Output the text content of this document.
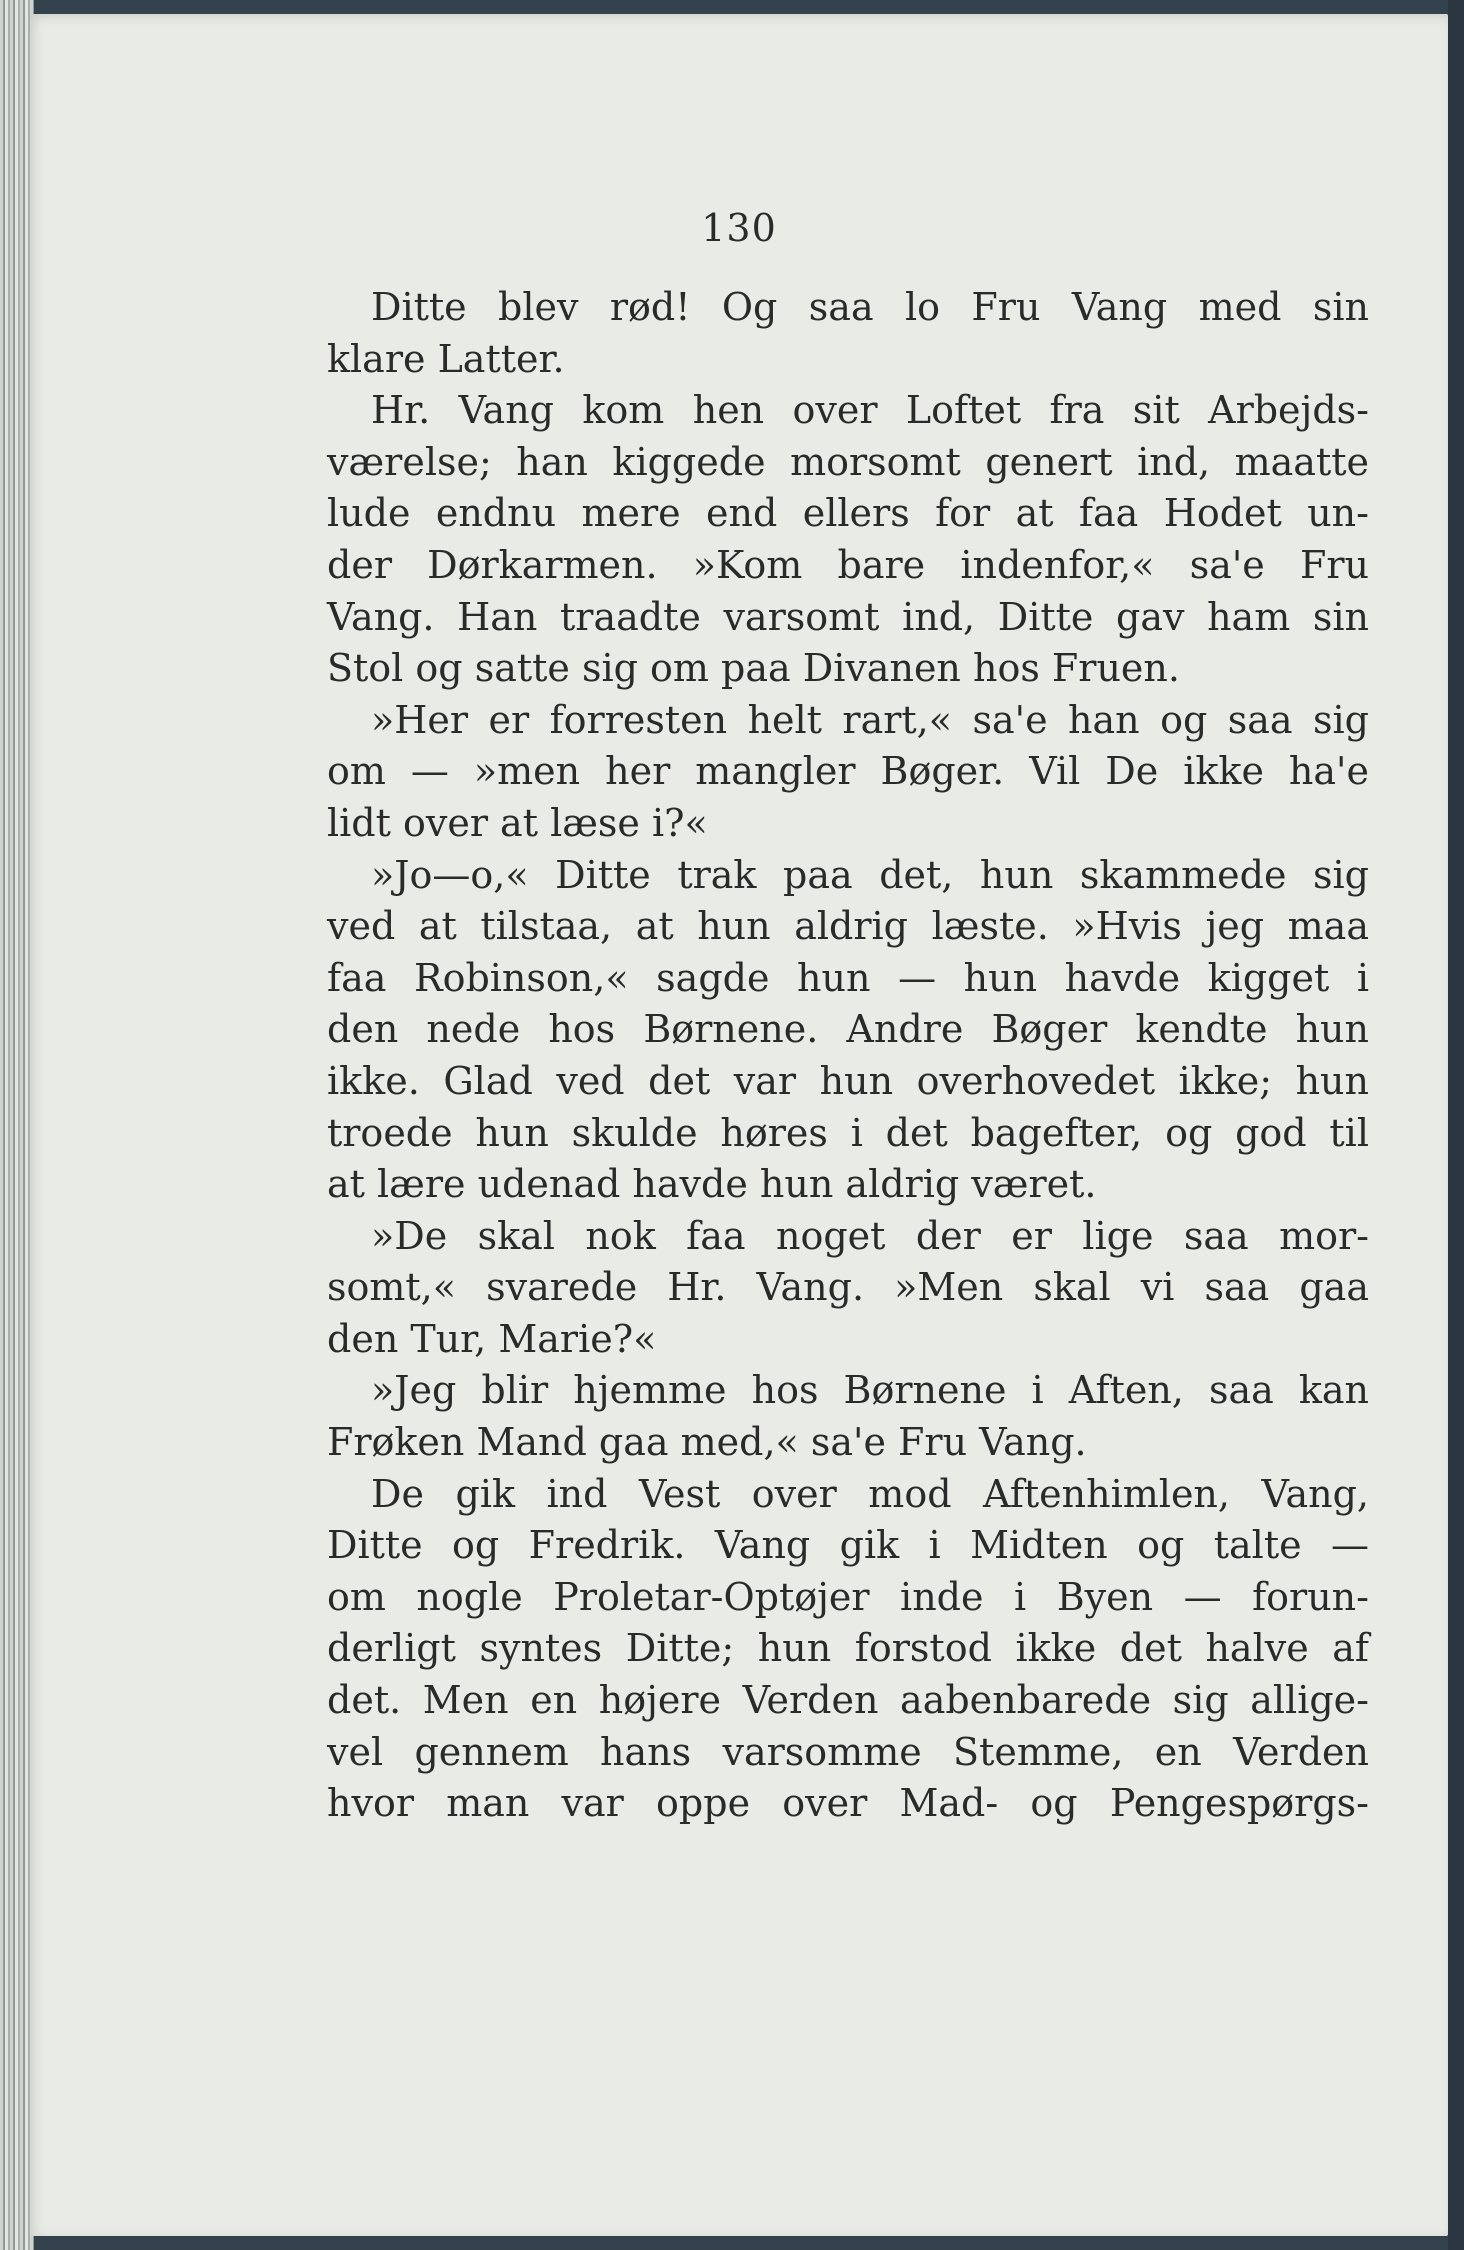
130
Ditte blev rød! Og saa lo Fru Vang med sin
klare Latter.
Hr. Vang kom hen over Loftet fra sit Arbejds-
værelse; han kiggede morsomt genert ind, maatte
lude endnu mere end ellers for at faa Hodet un-
der Dørkarmen. »Kom bare indenfor,« sa'e Fru
Vang. Han traadte varsomt ind, Ditte gav ham sin
Stol og satte sig om paa Divanen hos Fruen.
»Her er forresten helt rart,« sa'e han og saa sig
om — »men her mangler Bøger. Vil De ikke ha'e
lidt over at læse i?«
»Jo—o,« Ditte trak paa det, hun skammede sig
ved at tilstaa, at hun aldrig læste. »Hvis jeg maa
faa Robinson,« sagde hun — hun havde kigget i
den nede hos Børnene. Andre Bøger kendte hun
ikke. Glad ved det var hun overhovedet ikke; hun
troede hun skulde høres i det bagefter, og god til
at lære udenad havde hun aldrig været.
»De skal nok faa noget der er lige saa mor-
somt,« svarede Hr. Vang. »Men skal vi saa gaa
den Tur, Marie?«
»Jeg blir hjemme hos Børnene i Aften, saa kan
Frøken Mand gaa med,« sa'e Fru Vang.
De gik ind Vest over mod Aftenhimlen, Vang,
Ditte og Fredrik. Vang gik i Midten og talte —
om nogle Proletar-Optøjer inde i Byen — forun-
derligt syntes Ditte; hun forstod ikke det halve af
det. Men en højere Verden aabenbarede sig allige-
vel gennem hans varsomme Stemme, en Verden
hvor man var oppe over Mad- og Pengespørgs-
